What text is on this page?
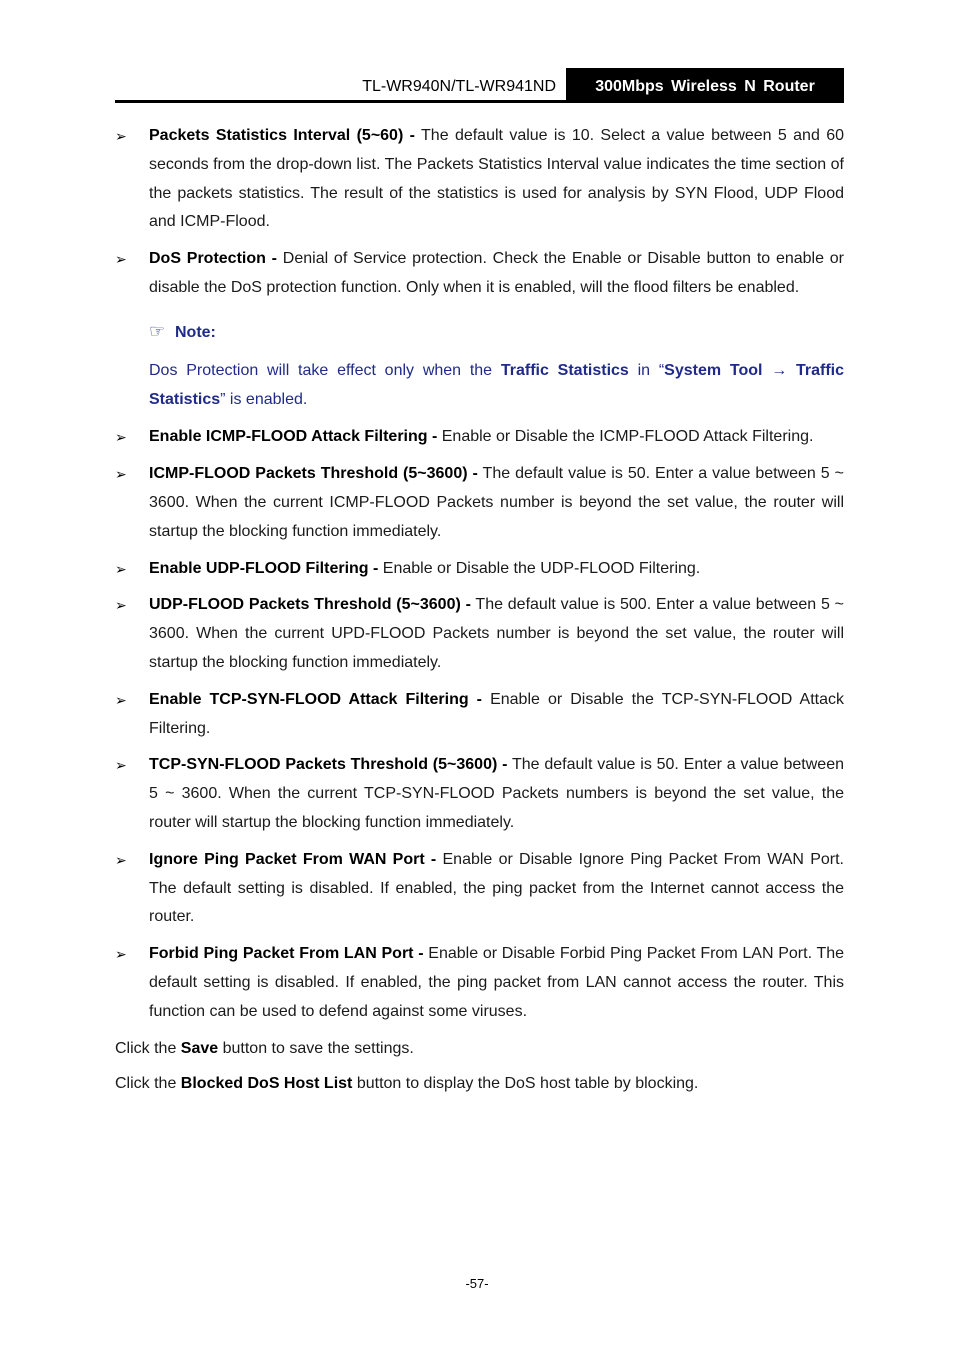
TL-WR940N/TL-WR941ND	300Mbps Wireless N Router
➢ Packets Statistics Interval (5~60) - The default value is 10. Select a value between 5 and 60 seconds from the drop-down list. The Packets Statistics Interval value indicates the time section of the packets statistics. The result of the statistics is used for analysis by SYN Flood, UDP Flood and ICMP-Flood.
➢ DoS Protection - Denial of Service protection. Check the Enable or Disable button to enable or disable the DoS protection function. Only when it is enabled, will the flood filters be enabled.
☞ Note:
Dos Protection will take effect only when the Traffic Statistics in “System Tool → Traffic Statistics” is enabled.
➢ Enable ICMP-FLOOD Attack Filtering - Enable or Disable the ICMP-FLOOD Attack Filtering.
➢ ICMP-FLOOD Packets Threshold (5~3600) - The default value is 50. Enter a value between 5 ~ 3600. When the current ICMP-FLOOD Packets number is beyond the set value, the router will startup the blocking function immediately.
➢ Enable UDP-FLOOD Filtering - Enable or Disable the UDP-FLOOD Filtering.
➢ UDP-FLOOD Packets Threshold (5~3600) - The default value is 500. Enter a value between 5 ~ 3600. When the current UPD-FLOOD Packets number is beyond the set value, the router will startup the blocking function immediately.
➢ Enable TCP-SYN-FLOOD Attack Filtering - Enable or Disable the TCP-SYN-FLOOD Attack Filtering.
➢ TCP-SYN-FLOOD Packets Threshold (5~3600) - The default value is 50. Enter a value between 5 ~ 3600. When the current TCP-SYN-FLOOD Packets numbers is beyond the set value, the router will startup the blocking function immediately.
➢ Ignore Ping Packet From WAN Port - Enable or Disable Ignore Ping Packet From WAN Port. The default setting is disabled. If enabled, the ping packet from the Internet cannot access the router.
➢ Forbid Ping Packet From LAN Port - Enable or Disable Forbid Ping Packet From LAN Port. The default setting is disabled. If enabled, the ping packet from LAN cannot access the router. This function can be used to defend against some viruses.
Click the Save button to save the settings.
Click the Blocked DoS Host List button to display the DoS host table by blocking.
-57-
